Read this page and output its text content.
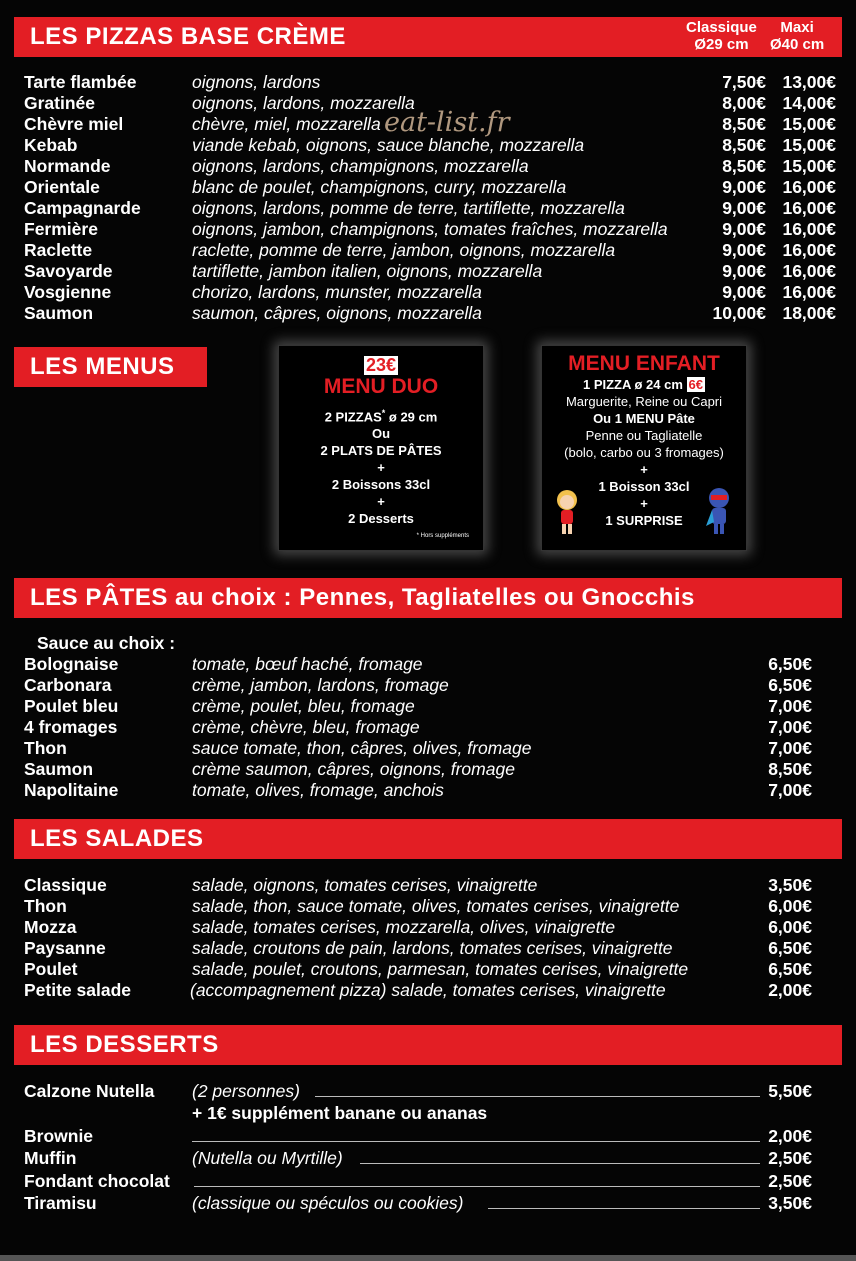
LES PIZZAS BASE CRÈME	Classique
Ø29 cm
Maxi
Ø40 cm
Tarte flambée	oignons, lardons	7,50€ 13,00€
Gratinée	oignons, lardons, mozzarella	8,00€ 14,00€
Chèvre miel	chèvre, miel, mozzarella	8,50€ 15,00€
Kebab	viande kebab, oignons, sauce blanche, mozzarella	8,50€ 15,00€
Normande	oignons, lardons, champignons, mozzarella	8,50€ 15,00€
Orientale	blanc de poulet, champignons, curry, mozzarella	9,00€ 16,00€
Campagnarde	oignons, lardons, pomme de terre, tartiflette, mozzarella	9,00€ 16,00€
Fermière	oignons, jambon, champignons, tomates fraîches, mozzarella	9,00€ 16,00€
Raclette	raclette, pomme de terre, jambon, oignons, mozzarella	9,00€ 16,00€
Savoyarde	tartiflette, jambon italien, oignons, mozzarella	9,00€ 16,00€
Vosgienne	chorizo, lardons, munster, mozzarella	9,00€ 16,00€
Saumon	saumon, câpres, oignons, mozzarella	10,00€ 18,00€
eat-list.fr
LES MENUS	23€
MENU DUO
2 PIZZAS* ø 29 cm
Ou
2 PLATS DE PÂTES
+
2 Boissons 33cl
+
2 Desserts
* Hors suppléments
MENU ENFANT
1 PIZZA ø 24 cm 6€
Marguerite, Reine ou Capri
Ou 1 MENU Pâte
Penne ou Tagliatelle
(bolo, carbo ou 3 fromages)
+
1 Boisson 33cl
+
1 SURPRISE
LES PÂTES au choix : Pennes, Tagliatelles ou Gnocchis
Sauce au choix :
Bolognaise	tomate, bœuf haché, fromage	6,50€
Carbonara	crème, jambon, lardons, fromage	6,50€
Poulet bleu	crème, poulet, bleu, fromage	7,00€
4 fromages	crème, chèvre, bleu, fromage	7,00€
Thon	sauce tomate, thon, câpres, olives, fromage	7,00€
Saumon	crème saumon, câpres, oignons, fromage	8,50€
Napolitaine	tomate, olives, fromage, anchois	7,00€
LES SALADES
Classique	salade, oignons, tomates cerises, vinaigrette	3,50€
Thon	salade, thon, sauce tomate, olives, tomates cerises, vinaigrette	6,00€
Mozza	salade, tomates cerises, mozzarella, olives, vinaigrette	6,00€
Paysanne	salade, croutons de pain, lardons, tomates cerises, vinaigrette	6,50€
Poulet	salade, poulet, croutons, parmesan, tomates cerises, vinaigrette	6,50€
Petite salade	(accompagnement pizza) salade, tomates cerises, vinaigrette	2,00€
LES DESSERTS
Calzone Nutella (2 personnes)	5,50€
+ 1€ supplément banane ou ananas
Brownie	2,00€
Muffin	(Nutella ou Myrtille)	2,50€
Fondant chocolat	2,50€
Tiramisu	(classique ou spéculos ou cookies)	3,50€
